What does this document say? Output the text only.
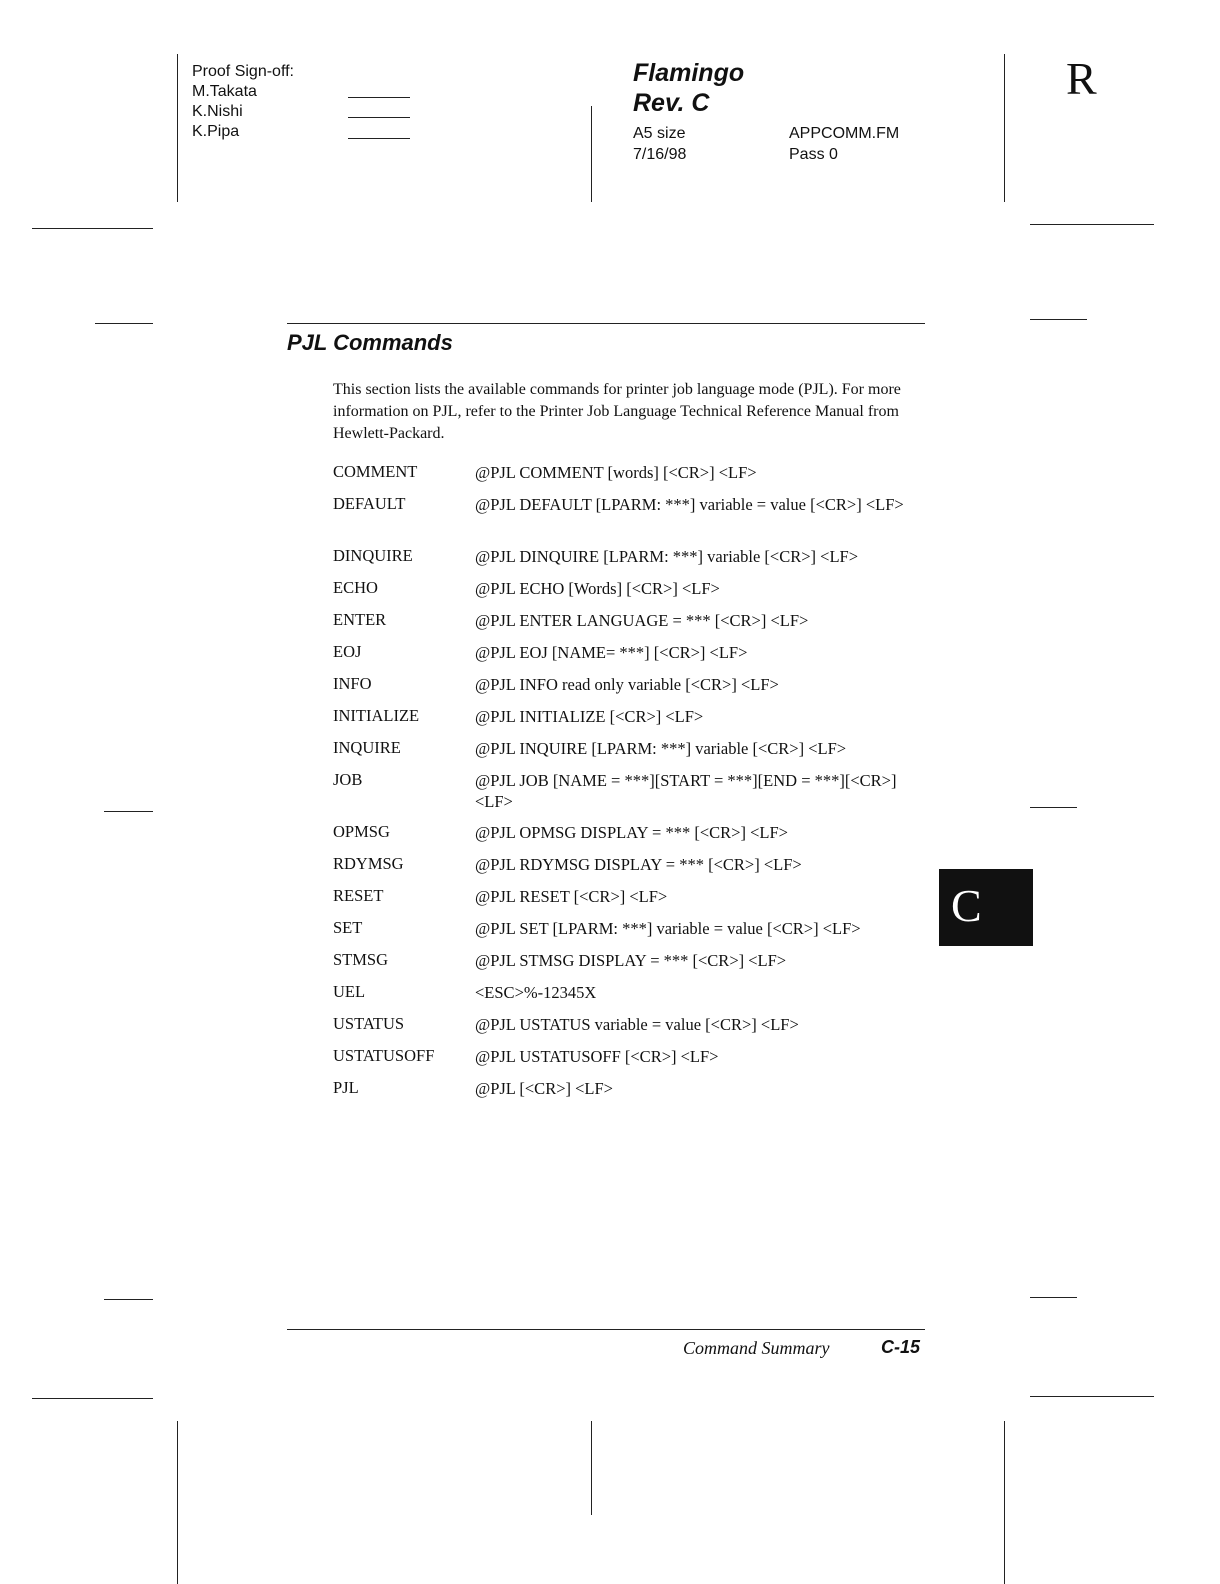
Proof Sign-off:
M.Takata
K.Nishi
K.Pipa
Flamingo
Rev. C
A5 size
7/16/98
APPCOMM.FM
Pass 0
R
PJL Commands
This section lists the available commands for printer job language mode (PJL). For more information on PJL, refer to the Printer Job Language Technical Reference Manual from Hewlett-Packard.
COMMENT	@PJL COMMENT [words] [<CR>] <LF>
DEFAULT	@PJL DEFAULT [LPARM: ***] variable = value [<CR>] <LF>
DINQUIRE	@PJL DINQUIRE [LPARM: ***] variable [<CR>] <LF>
ECHO	@PJL ECHO [Words] [<CR>] <LF>
ENTER	@PJL ENTER LANGUAGE = *** [<CR>] <LF>
EOJ	@PJL EOJ [NAME= ***] [<CR>] <LF>
INFO	@PJL INFO read only variable [<CR>] <LF>
INITIALIZE	@PJL INITIALIZE [<CR>] <LF>
INQUIRE	@PJL INQUIRE [LPARM: ***] variable [<CR>] <LF>
JOB	@PJL JOB [NAME = ***][START = ***][END = ***][<CR>] <LF>
OPMSG	@PJL OPMSG DISPLAY = *** [<CR>] <LF>
RDYMSG	@PJL RDYMSG DISPLAY = *** [<CR>] <LF>
RESET	@PJL RESET [<CR>] <LF>
SET	@PJL SET [LPARM: ***] variable = value [<CR>] <LF>
STMSG	@PJL STMSG DISPLAY = *** [<CR>] <LF>
UEL	<ESC>%-12345X
USTATUS	@PJL USTATUS variable = value [<CR>] <LF>
USTATUSOFF @PJL USTATUSOFF [<CR>] <LF>
PJL	@PJL [<CR>] <LF>
C
Command Summary	C-15
